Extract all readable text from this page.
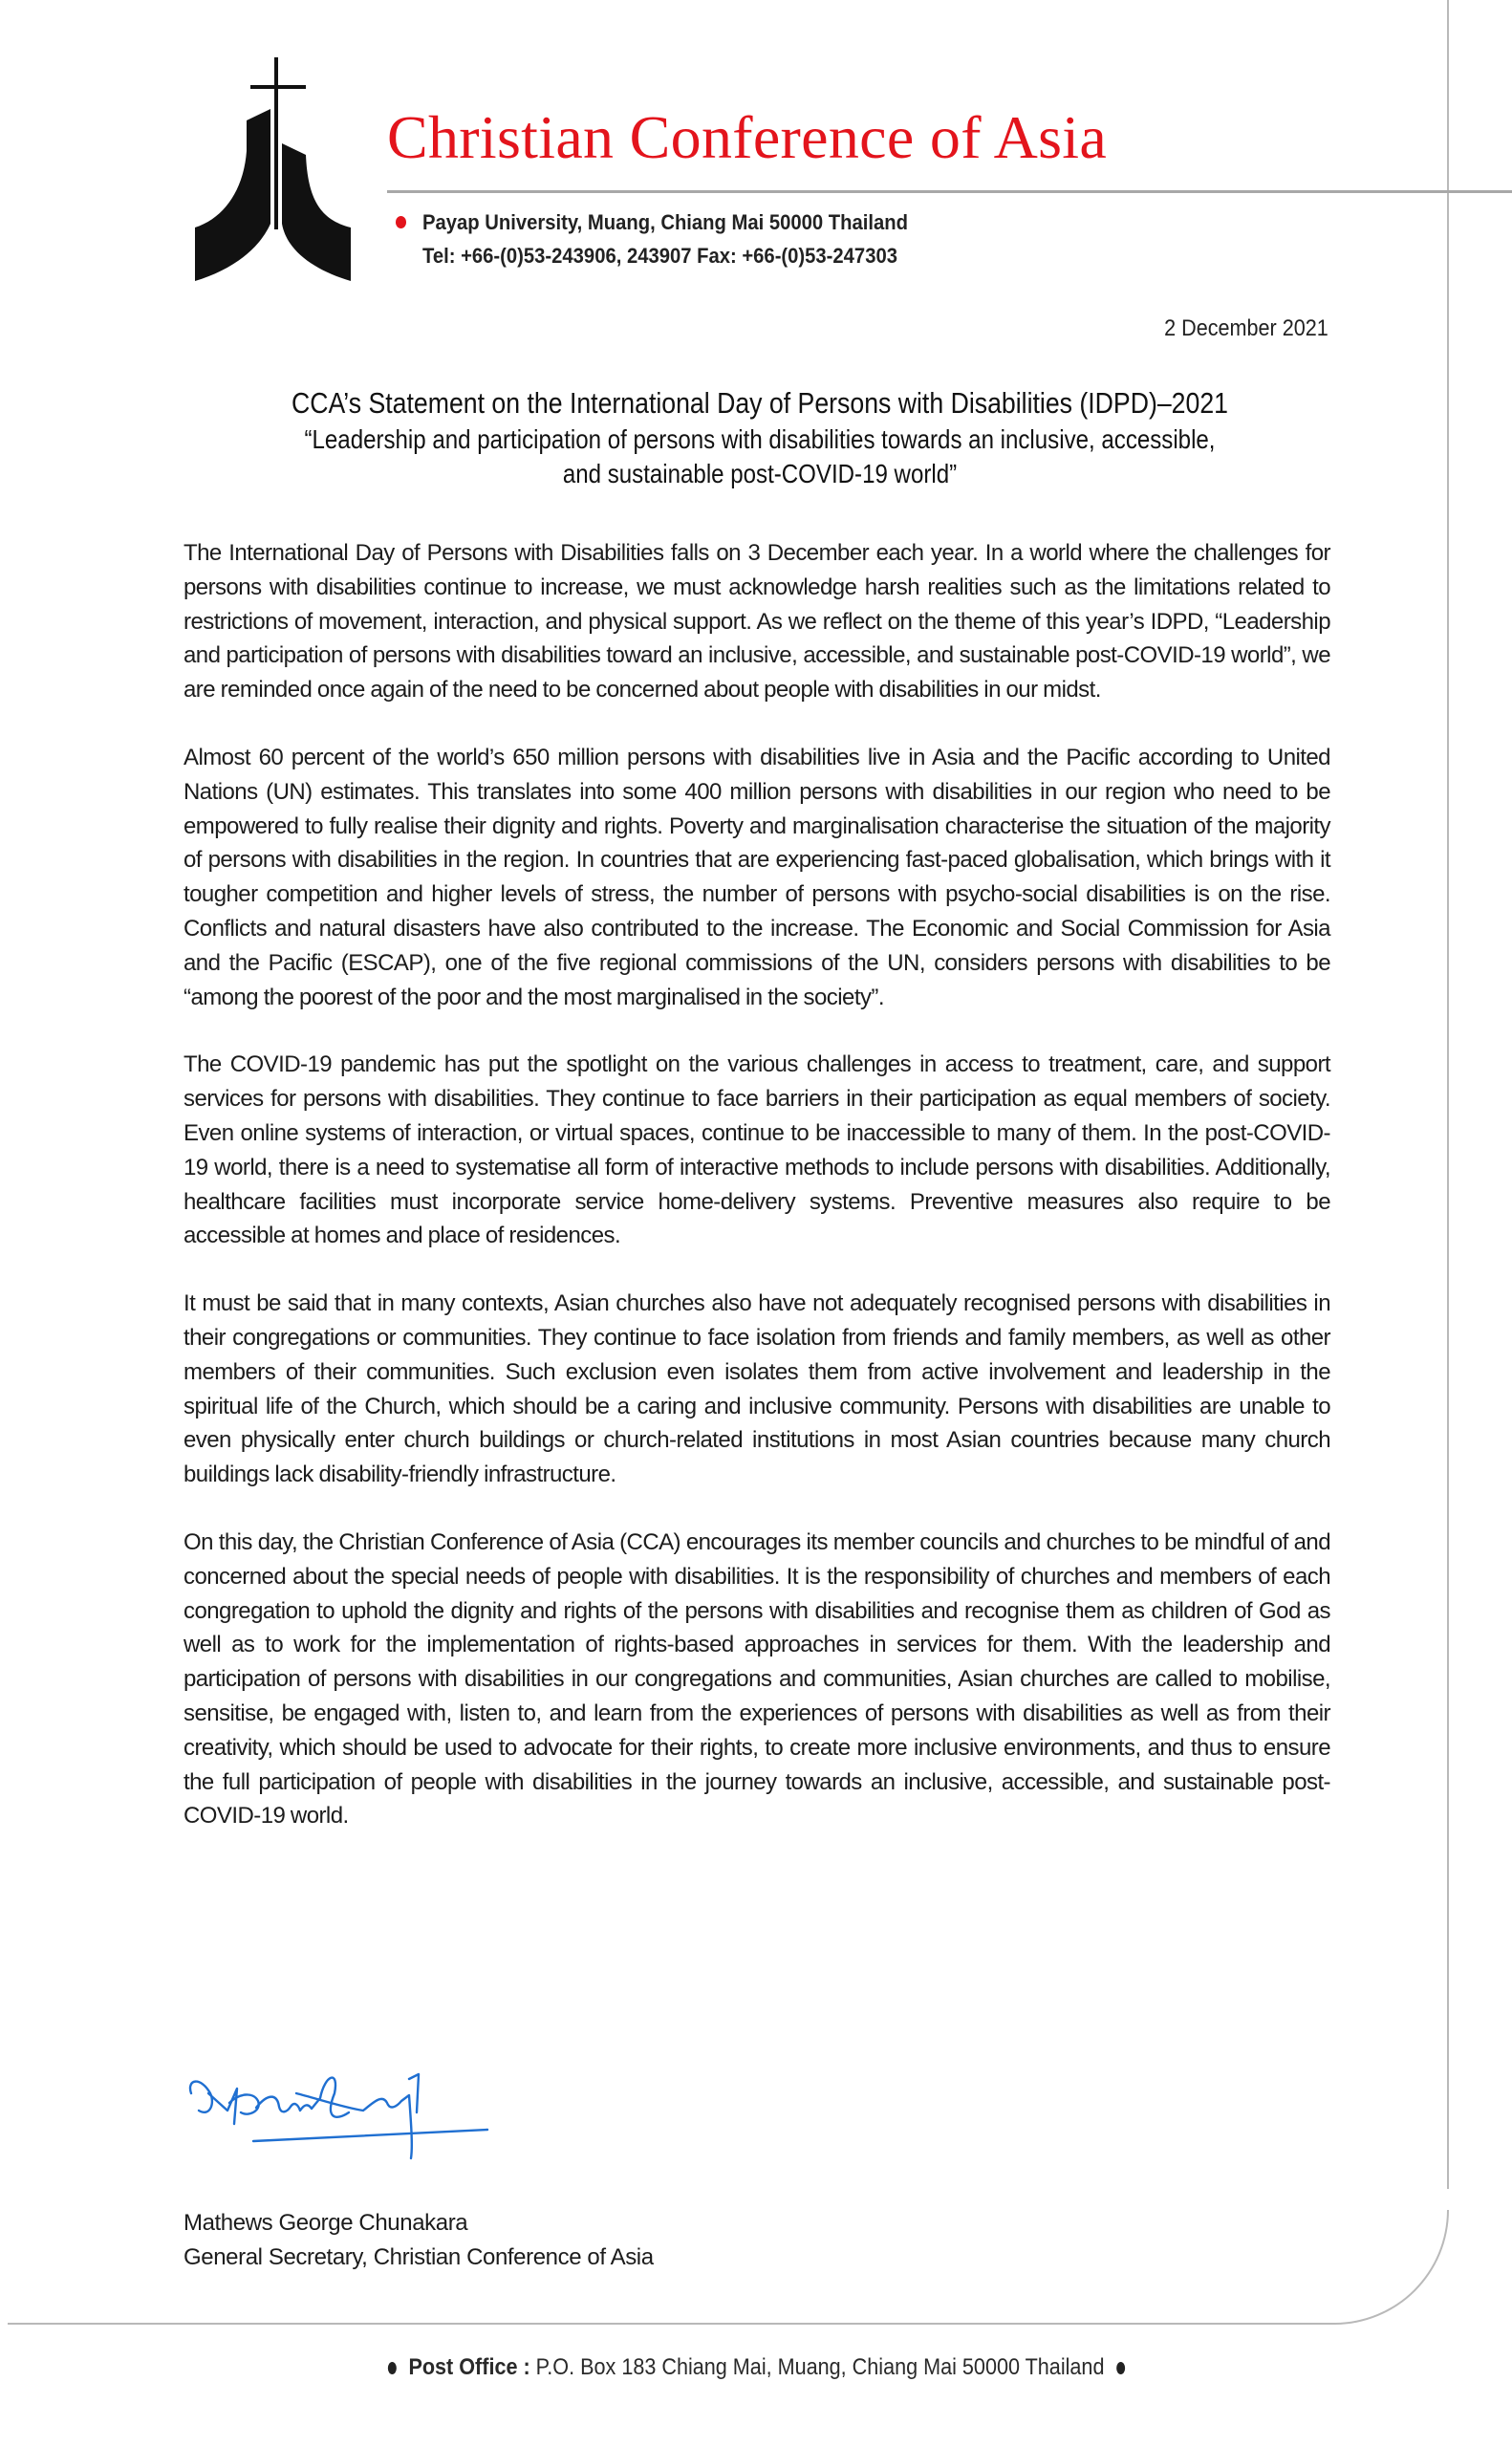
Christian Conference of Asia
Payap University, Muang, Chiang Mai 50000 Thailand
Tel: +66-(0)53-243906, 243907 Fax: +66-(0)53-247303
2 December 2021
CCA’s Statement on the International Day of Persons with Disabilities (IDPD)–2021
“Leadership and participation of persons with disabilities towards an inclusive, accessible,
and sustainable post-COVID-19 world”

The International Day of Persons with Disabilities falls on 3 December each year. In a world where the challenges for persons with disabilities continue to increase, we must acknowledge harsh realities such as the limitations related to restrictions of movement, interaction, and physical support. As we reflect on the theme of this year’s IDPD, “Leadership and participation of persons with disabilities toward an inclusive, accessible, and sustainable post-COVID-19 world”, we are reminded once again of the need to be concerned about people with disabilities in our midst.

Almost 60 percent of the world’s 650 million persons with disabilities live in Asia and the Pacific according to United Nations (UN) estimates. This translates into some 400 million persons with disabilities in our region who need to be empowered to fully realise their dignity and rights. Poverty and marginalisation characterise the situation of the majority of persons with disabilities in the region. In countries that are experiencing fast-paced globalisation, which brings with it tougher competition and higher levels of stress, the number of persons with psycho-social disabilities is on the rise. Conflicts and natural disasters have also contributed to the increase. The Economic and Social Commission for Asia and the Pacific (ESCAP), one of the five regional commissions of the UN, considers persons with disabilities to be “among the poorest of the poor and the most marginalised in the society”.

The COVID-19 pandemic has put the spotlight on the various challenges in access to treatment, care, and support services for persons with disabilities. They continue to face barriers in their participation as equal members of society. Even online systems of interaction, or virtual spaces, continue to be inaccessible to many of them. In the post-COVID-19 world, there is a need to systematise all form of interactive methods to include persons with disabilities. Additionally, healthcare facilities must incorporate service home-delivery systems. Preventive measures also require to be accessible at homes and place of residences.

It must be said that in many contexts, Asian churches also have not adequately recognised persons with disabilities in their congregations or communities. They continue to face isolation from friends and family members, as well as other members of their communities. Such exclusion even isolates them from active involvement and leadership in the spiritual life of the Church, which should be a caring and inclusive community. Persons with disabilities are unable to even physically enter church buildings or church-related institutions in most Asian countries because many church buildings lack disability-friendly infrastructure.

On this day, the Christian Conference of Asia (CCA) encourages its member councils and churches to be mindful of and concerned about the special needs of people with disabilities. It is the responsibility of churches and members of each congregation to uphold the dignity and rights of the persons with disabilities and recognise them as children of God as well as to work for the implementation of rights-based approaches in services for them. With the leadership and participation of persons with disabilities in our congregations and communities, Asian churches are called to mobilise, sensitise, be engaged with, listen to, and learn from the experiences of persons with disabilities as well as from their creativity, which should be used to advocate for their rights, to create more inclusive environments, and thus to ensure the full participation of people with disabilities in the journey towards an inclusive, accessible, and sustainable post-COVID-19 world.

Mathews George Chunakara
General Secretary, Christian Conference of Asia
Post Office : P.O. Box 183 Chiang Mai, Muang, Chiang Mai 50000 Thailand
